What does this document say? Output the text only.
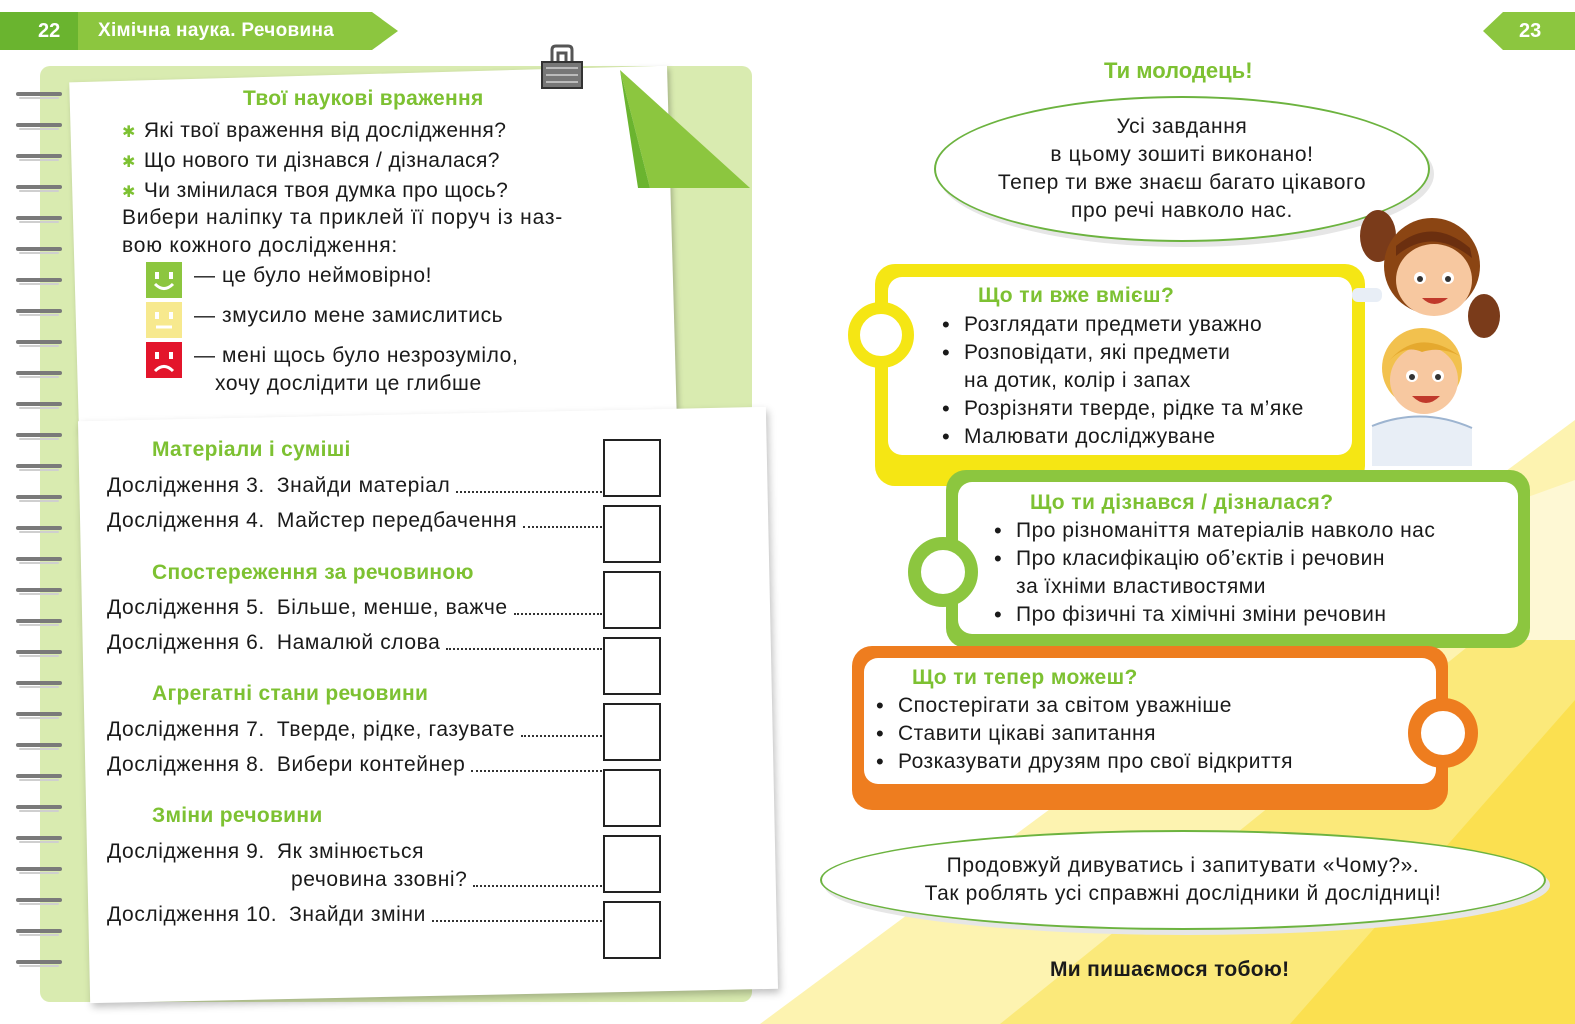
22 Хімічна наука. Речовина	23
Твої наукові враження
✱ Які твої враження від дослідження?
✱ Що нового ти дізнався / дізналася?
✱ Чи змінилася твоя думка про щось?
Вибери наліпку та приклей її поруч із наз-
вою кожного дослідження:
— це було неймовірно!
— змусило мене замислитись
— мені щось було незрозуміло,
хочу дослідити це глибше
Матеріали і суміші
Дослідження 3. Знайди матеріал
Дослідження 4. Майстер передбачення
Спостереження за речовиною
Дослідження 5. Більше, менше, важче
Дослідження 6. Намалюй слова
Агрегатні стани речовини
Дослідження 7. Тверде, рідке, газувате
Дослідження 8. Вибери контейнер
Зміни речовини
Дослідження 9. Як змінюється
речовина ззовні?
Дослідження 10. Знайди зміни
Ти молодець!
Усі завдання
в цьому зошиті виконано!
Тепер ти вже знаєш багато цікавого
про речі навколо нас.
Що ти вже вмієш?
• Розглядати предмети уважно
• Розповідати, які предмети
на дотик, колір і запах
• Розрізняти тверде, рідке та м’яке
• Малювати досліджуване
Що ти дізнався / дізналася?
• Про різноманіття матеріалів навколо нас
• Про класифікацію об’єктів і речовин
за їхніми властивостями
• Про фізичні та хімічні зміни речовин
Що ти тепер можеш?
• Спостерігати за світом уважніше
• Ставити цікаві запитання
• Розказувати друзям про свої відкриття
Продовжуй дивуватись і запитувати «Чому?».
Так роблять усі справжні дослідники й дослідниці!
Ми пишаємося тобою!
